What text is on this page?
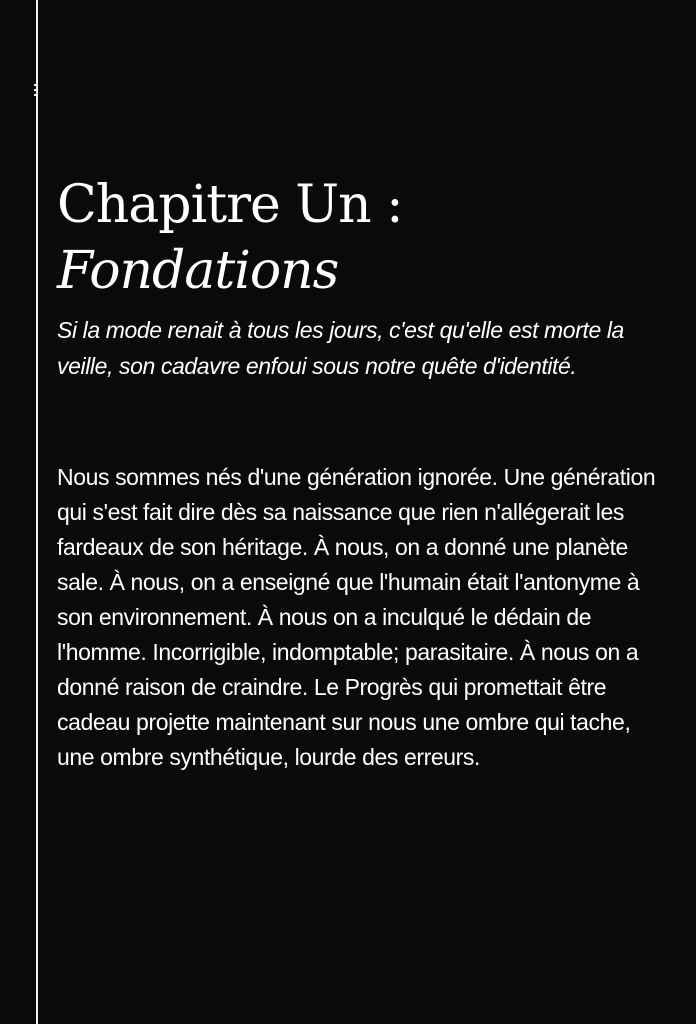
Chapitre Un :
Fondations

Si la mode renait à tous les jours, c'est qu'elle est morte la veille, son cadavre enfoui sous notre quête d'identité.

Nous sommes nés d'une génération ignorée. Une génération qui s'est fait dire dès sa naissance que rien n'allégerait les fardeaux de son héritage. À nous, on a donné une planète sale. À nous, on a enseigné que l'humain était l'antonyme à son environnement. À nous on a inculqué le dédain de l'homme. Incorrigible, indomptable; parasitaire. À nous on a donné raison de craindre. Le Progrès qui promettait être cadeau projette maintenant sur nous une ombre qui tache, une ombre synthétique, lourde des erreurs.
